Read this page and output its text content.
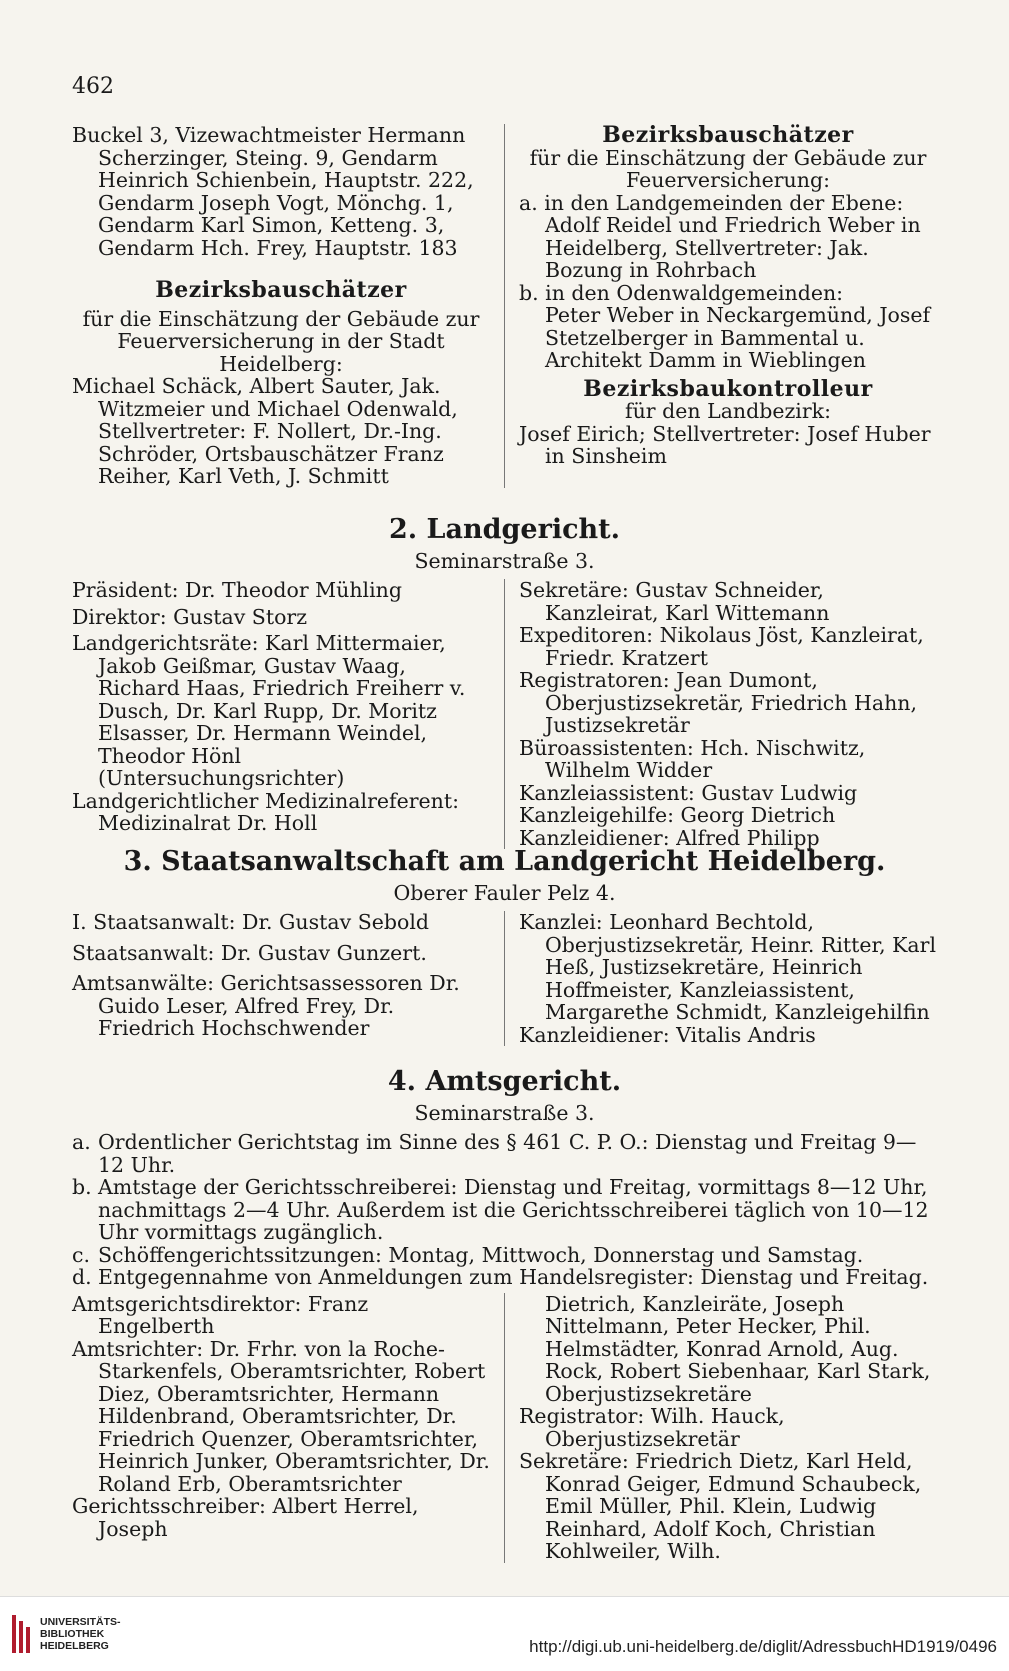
462

Buckel 3, Vizewachtmeister Hermann Scherzinger, Steing. 9, Gendarm Heinrich Schienbein, Hauptstr. 222, Gendarm Joseph Vogt, Mönchg. 1, Gendarm Karl Simon, Ketteng. 3, Gendarm Hch. Frey, Hauptstr. 183

Bezirksbauschätzer

für die Einschätzung der Gebäude zur Feuerversicherung in der Stadt Heidelberg:

Michael Schäck, Albert Sauter, Jak. Witzmeier und Michael Odenwald, Stellvertreter: F. Nollert, Dr.-Ing. Schröder, Ortsbauschätzer Franz Reiher, Karl Veth, J. Schmitt

Bezirksbauschätzer

für die Einschätzung der Gebäude zur Feuerversicherung:

a. in den Landgemeinden der Ebene:

Adolf Reidel und Friedrich Weber in Heidelberg, Stellvertreter: Jak. Bozung in Rohrbach

b. in den Odenwaldgemeinden:

Peter Weber in Neckargemünd, Josef Stetzelberger in Bammental u. Architekt Damm in Wieblingen

Bezirksbaukontrolleur

für den Landbezirk:

Josef Eirich; Stellvertreter: Josef Huber in Sinsheim

2. Landgericht.
Seminarstraße 3.

Präsident: Dr. Theodor Mühling

Direktor: Gustav Storz

Landgerichtsräte: Karl Mittermaier, Jakob Geißmar, Gustav Waag, Richard Haas, Friedrich Freiherr v. Dusch, Dr. Karl Rupp, Dr. Moritz Elsasser, Dr. Hermann Weindel, Theodor Hönl (Untersuchungsrichter)

Landgerichtlicher Medizinalreferent: Medizinalrat Dr. Holl

Sekretäre: Gustav Schneider, Kanzleirat, Karl Wittemann

Expeditoren: Nikolaus Jöst, Kanzleirat, Friedr. Kratzert

Registratoren: Jean Dumont, Oberjustizsekretär, Friedrich Hahn, Justizsekretär

Büroassistenten: Hch. Nischwitz, Wilhelm Widder

Kanzleiassistent: Gustav Ludwig

Kanzleigehilfe: Georg Dietrich

Kanzleidiener: Alfred Philipp

3. Staatsanwaltschaft am Landgericht Heidelberg.
Oberer Fauler Pelz 4.

I. Staatsanwalt: Dr. Gustav Sebold

Staatsanwalt: Dr. Gustav Gunzert.

Amtsanwälte: Gerichtsassessoren Dr. Guido Leser, Alfred Frey, Dr. Friedrich Hochschwender

Kanzlei: Leonhard Bechtold, Oberjustizsekretär, Heinr. Ritter, Karl Heß, Justizsekretäre, Heinrich Hoffmeister, Kanzleiassistent, Margarethe Schmidt, Kanzleigehilfin

Kanzleidiener: Vitalis Andris

4. Amtsgericht.
Seminarstraße 3.
a. Ordentlicher Gerichtstag im Sinne des § 461 C. P. O.: Dienstag und Freitag 9—12 Uhr.
b. Amtstage der Gerichtsschreiberei: Dienstag und Freitag, vormittags 8—12 Uhr, nachmittags 2—4 Uhr. Außerdem ist die Gerichtsschreiberei täglich von 10—12 Uhr vormittags zugänglich.
c. Schöffengerichtssitzungen: Montag, Mittwoch, Donnerstag und Samstag.
d. Entgegennahme von Anmeldungen zum Handelsregister: Dienstag und Freitag.

Amtsgerichtsdirektor: Franz Engelberth

Amtsrichter: Dr. Frhr. von la Roche-Starkenfels, Oberamtsrichter, Robert Diez, Oberamtsrichter, Hermann Hildenbrand, Oberamtsrichter, Dr. Friedrich Quenzer, Oberamtsrichter, Heinrich Junker, Oberamtsrichter, Dr. Roland Erb, Oberamtsrichter

Gerichtsschreiber: Albert Herrel, Joseph

Dietrich, Kanzleiräte, Joseph Nittelmann, Peter Hecker, Phil. Helmstädter, Konrad Arnold, Aug. Rock, Robert Siebenhaar, Karl Stark, Oberjustizsekretäre

Registrator: Wilh. Hauck, Oberjustizsekretär

Sekretäre: Friedrich Dietz, Karl Held, Konrad Geiger, Edmund Schaubeck, Emil Müller, Phil. Klein, Ludwig Reinhard, Adolf Koch, Christian Kohlweiler, Wilh.

UNIVERSITÄTS-
BIBLIOTHEK
HEIDELBERG	http://digi.ub.uni-heidelberg.de/diglit/AdressbuchHD1919/0496
